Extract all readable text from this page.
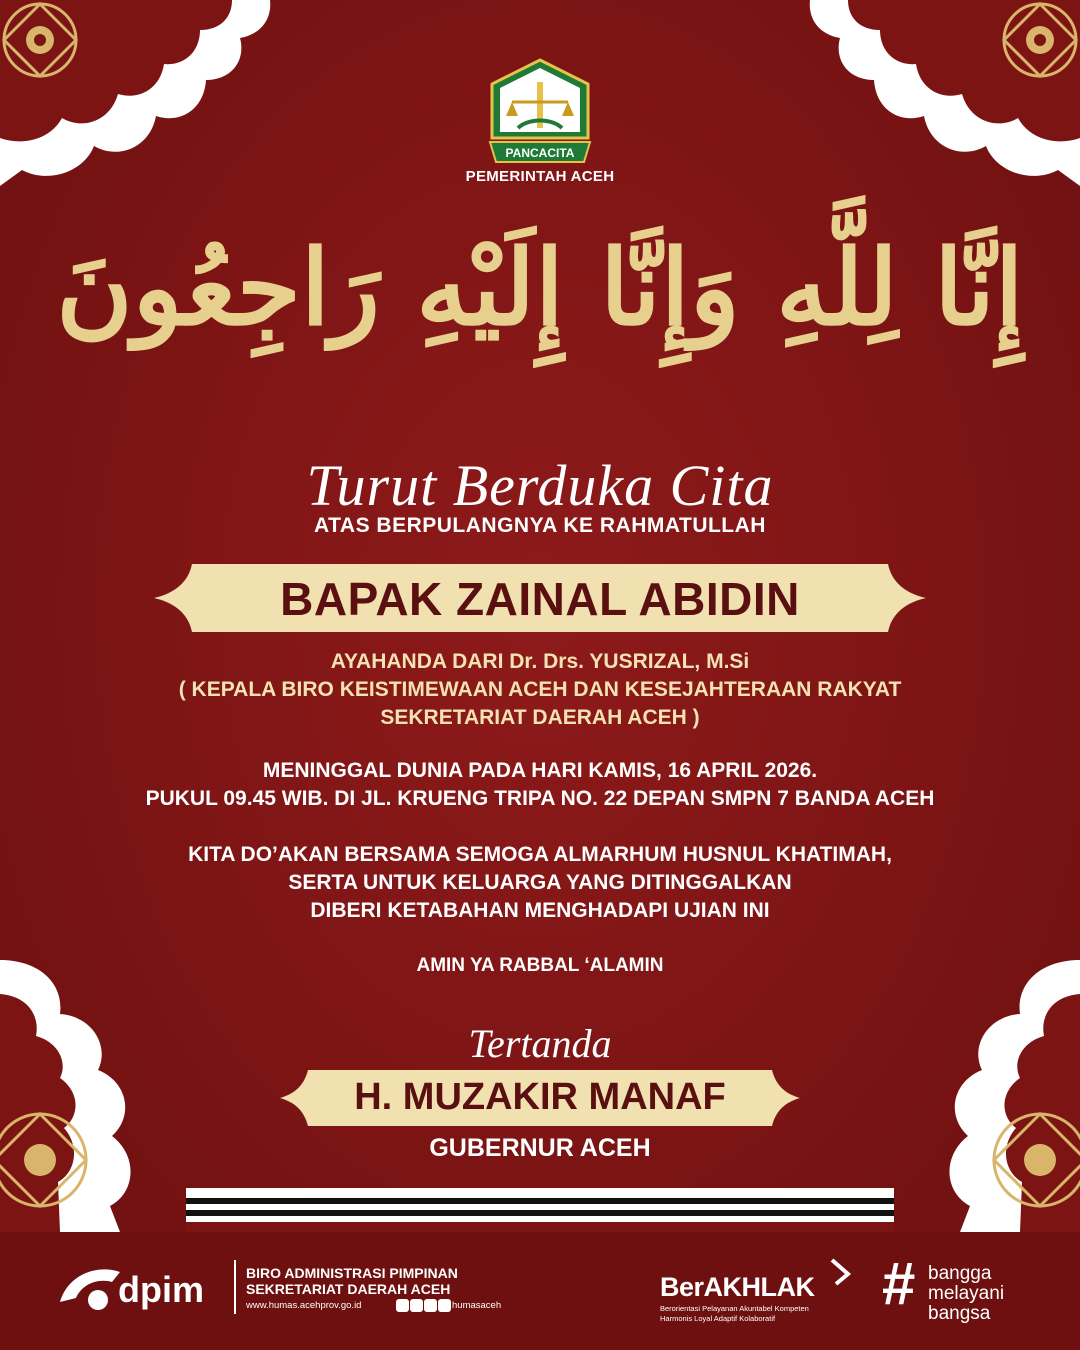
PANCACITA
PEMERINTAH ACEH
إِنَّا لِلَّهِ وَإِنَّا إِلَيْهِ رَاجِعُونَ
Turut Berduka Cita
ATAS BERPULANGNYA KE RAHMATULLAH
BAPAK ZAINAL ABIDIN
AYAHANDA DARI Dr. Drs. YUSRIZAL, M.Si
( KEPALA BIRO KEISTIMEWAAN ACEH DAN KESEJAHTERAAN RAKYAT
SEKRETARIAT DAERAH ACEH )
MENINGGAL DUNIA PADA HARI KAMIS, 16 APRIL 2026.
PUKUL 09.45 WIB. DI JL. KRUENG TRIPA NO. 22 DEPAN SMPN 7 BANDA ACEH
KITA DO’AKAN BERSAMA SEMOGA ALMARHUM HUSNUL KHATIMAH,
SERTA UNTUK KELUARGA YANG DITINGGALKAN
DIBERI KETABAHAN MENGHADAPI UJIAN INI
AMIN YA RABBAL ‘ALAMIN
Tertanda
H. MUZAKIR MANAF
GUBERNUR ACEH
dpim	BIRO ADMINISTRASI PIMPINAN
SEKRETARIAT DAERAH ACEH
www.humas.acehprov.go.id	humasaceh
BerAKHLAK
Berorientasi Pelayanan Akuntabel Kompeten
Harmonis Loyal Adaptif Kolaboratif
# bangga
melayani
bangsa
